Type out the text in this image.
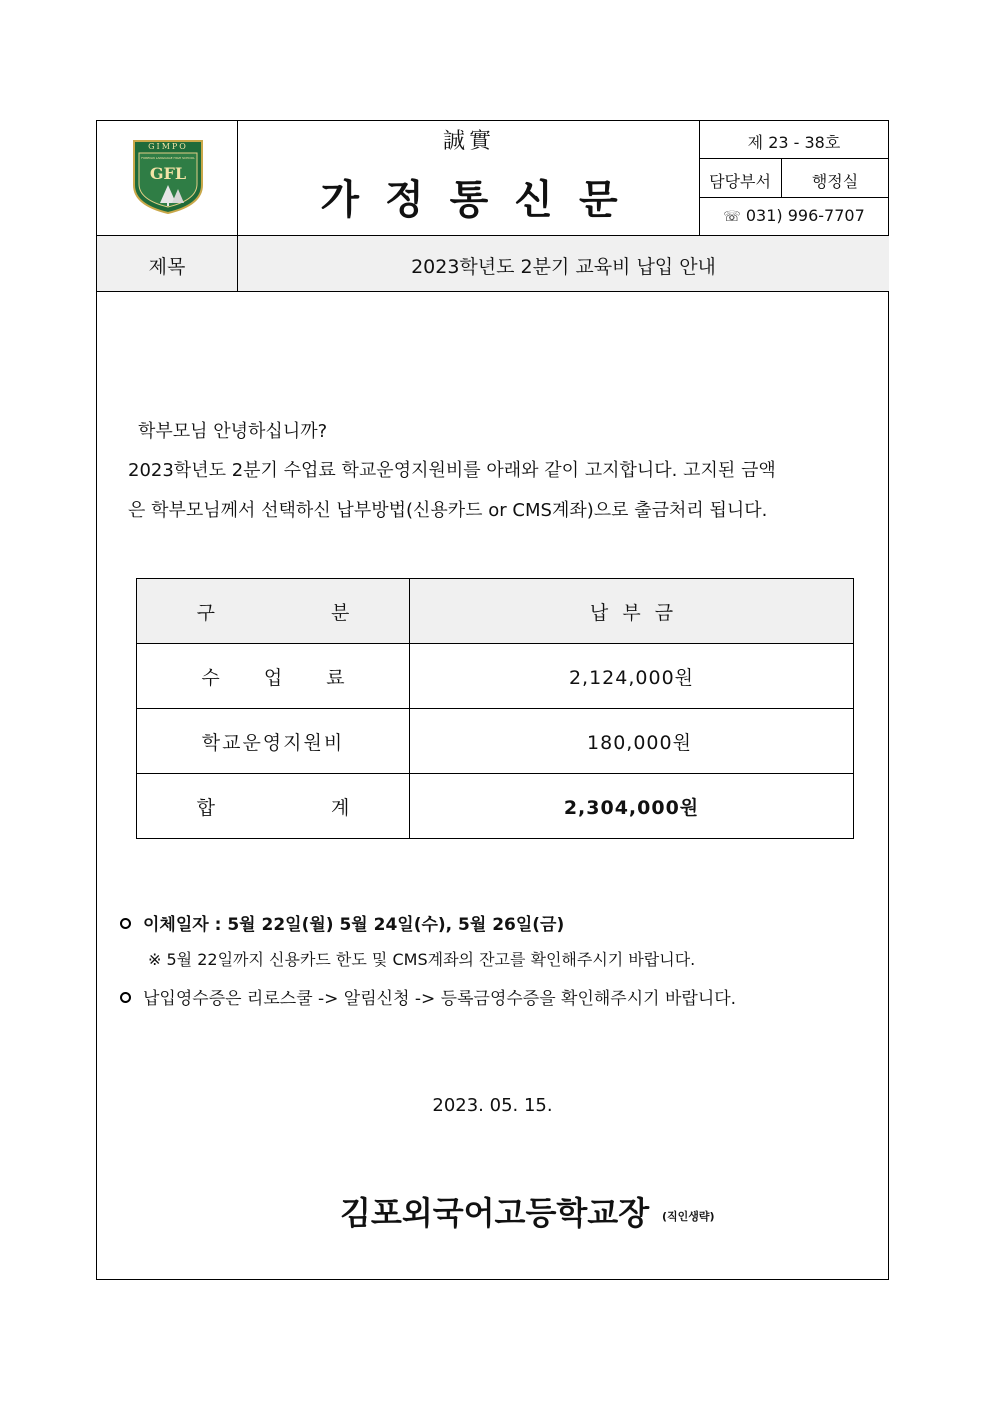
GIMPO
FOREIGN LANGUAGE HIGH SCHOOL
GFL
誠實
가정통신문
제 23 - 38호
담당부서	행정실
☏ 031) 996-7707
제목	2023학년도 2분기 교육비 납입 안내
학부모님 안녕하십니까?
2023학년도 2분기 수업료 학교운영지원비를 아래와 같이 고지합니다. 고지된 금액
은 학부모님께서 선택하신 납부방법(신용카드 or CMS계좌)으로 출금처리 됩니다.
구 분	납 부 금
수 업 료	2,124,000원
학교운영지원비	180,000원
합 계	2,304,000원
이체일자 : 5월 22일(월) 5월 24일(수), 5월 26일(금)
※ 5월 22일까지 신용카드 한도 및 CMS계좌의 잔고를 확인해주시기 바랍니다.
납입영수증은 리로스쿨 -> 알림신청 -> 등록금영수증을 확인해주시기 바랍니다.
2023. 05. 15.
김포외국어고등학교장 (직인생략)
